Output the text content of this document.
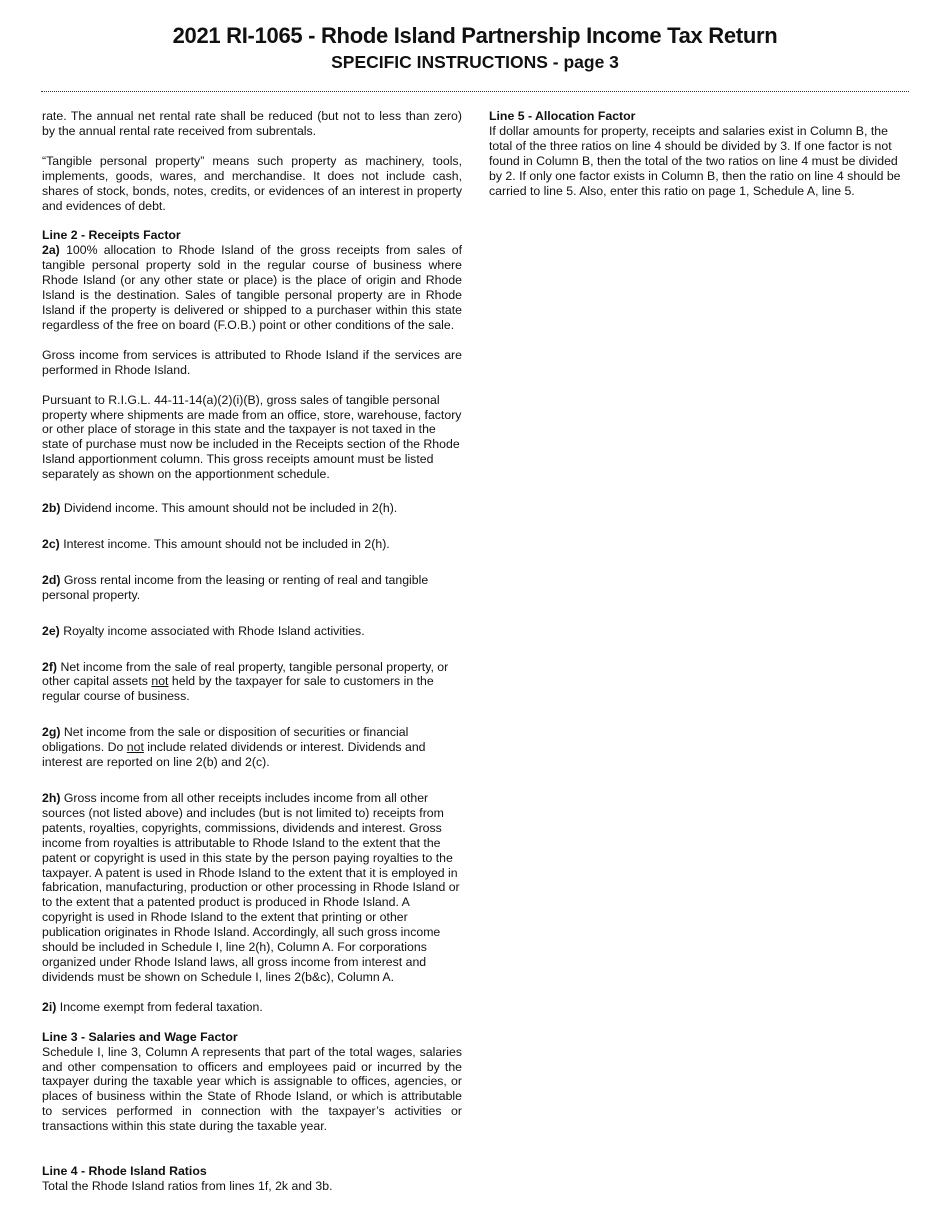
2021 RI-1065 - Rhode Island Partnership Income Tax Return
SPECIFIC INSTRUCTIONS - page 3

rate. The annual net rental rate shall be reduced (but not to less than zero) by the annual rental rate received from subrentals.

“Tangible personal property” means such property as machinery, tools, implements, goods, wares, and merchandise. It does not include cash, shares of stock, bonds, notes, credits, or evidences of an interest in property and evidences of debt.

Line 2 - Receipts Factor

2a) 100% allocation to Rhode Island of the gross receipts from sales of tangible personal property sold in the regular course of business where Rhode Island (or any other state or place) is the place of origin and Rhode Island is the destination. Sales of tangible personal property are in Rhode Island if the property is delivered or shipped to a purchaser within this state regardless of the free on board (F.O.B.) point or other conditions of the sale.

Gross income from services is attributed to Rhode Island if the services are performed in Rhode Island.

Pursuant to R.I.G.L. 44-11-14(a)(2)(i)(B), gross sales of tangible personal property where shipments are made from an office, store, warehouse, factory or other place of storage in this state and the taxpayer is not taxed in the state of purchase must now be included in the Receipts section of the Rhode Island apportionment column. This gross receipts amount must be listed separately as shown on the apportionment schedule.

2b) Dividend income. This amount should not be included in 2(h).

2c) Interest income. This amount should not be included in 2(h).

2d) Gross rental income from the leasing or renting of real and tangible personal property.

2e) Royalty income associated with Rhode Island activities.

2f) Net income from the sale of real property, tangible personal property, or other capital assets not held by the taxpayer for sale to customers in the regular course of business.

2g) Net income from the sale or disposition of securities or financial obligations. Do not include related dividends or interest. Dividends and interest are reported on line 2(b) and 2(c).

2h) Gross income from all other receipts includes income from all other sources (not listed above) and includes (but is not limited to) receipts from patents, royalties, copyrights, commissions, dividends and interest. Gross income from royalties is attributable to Rhode Island to the extent that the patent or copyright is used in this state by the person paying royalties to the taxpayer. A patent is used in Rhode Island to the extent that it is employed in fabrication, manufacturing, production or other processing in Rhode Island or to the extent that a patented product is produced in Rhode Island. A copyright is used in Rhode Island to the extent that printing or other publication originates in Rhode Island. Accordingly, all such gross income should be included in Schedule I, line 2(h), Column A. For corporations organized under Rhode Island laws, all gross income from interest and dividends must be shown on Schedule I, lines 2(b&c), Column A.

2i) Income exempt from federal taxation.

Line 3 - Salaries and Wage Factor

Schedule I, line 3, Column A represents that part of the total wages, salaries and other compensation to officers and employees paid or incurred by the taxpayer during the taxable year which is assignable to offices, agencies, or places of business within the State of Rhode Island, or which is attributable to services performed in connection with the taxpayer’s activities or transactions within this state during the taxable year.

Line 4 - Rhode Island Ratios

Total the Rhode Island ratios from lines 1f, 2k and 3b.

Line 5 - Allocation Factor

If dollar amounts for property, receipts and salaries exist in Column B, the total of the three ratios on line 4 should be divided by 3. If one factor is not found in Column B, then the total of the two ratios on line 4 must be divided by 2. If only one factor exists in Column B, then the ratio on line 4 should be carried to line 5. Also, enter this ratio on page 1, Schedule A, line 5.
